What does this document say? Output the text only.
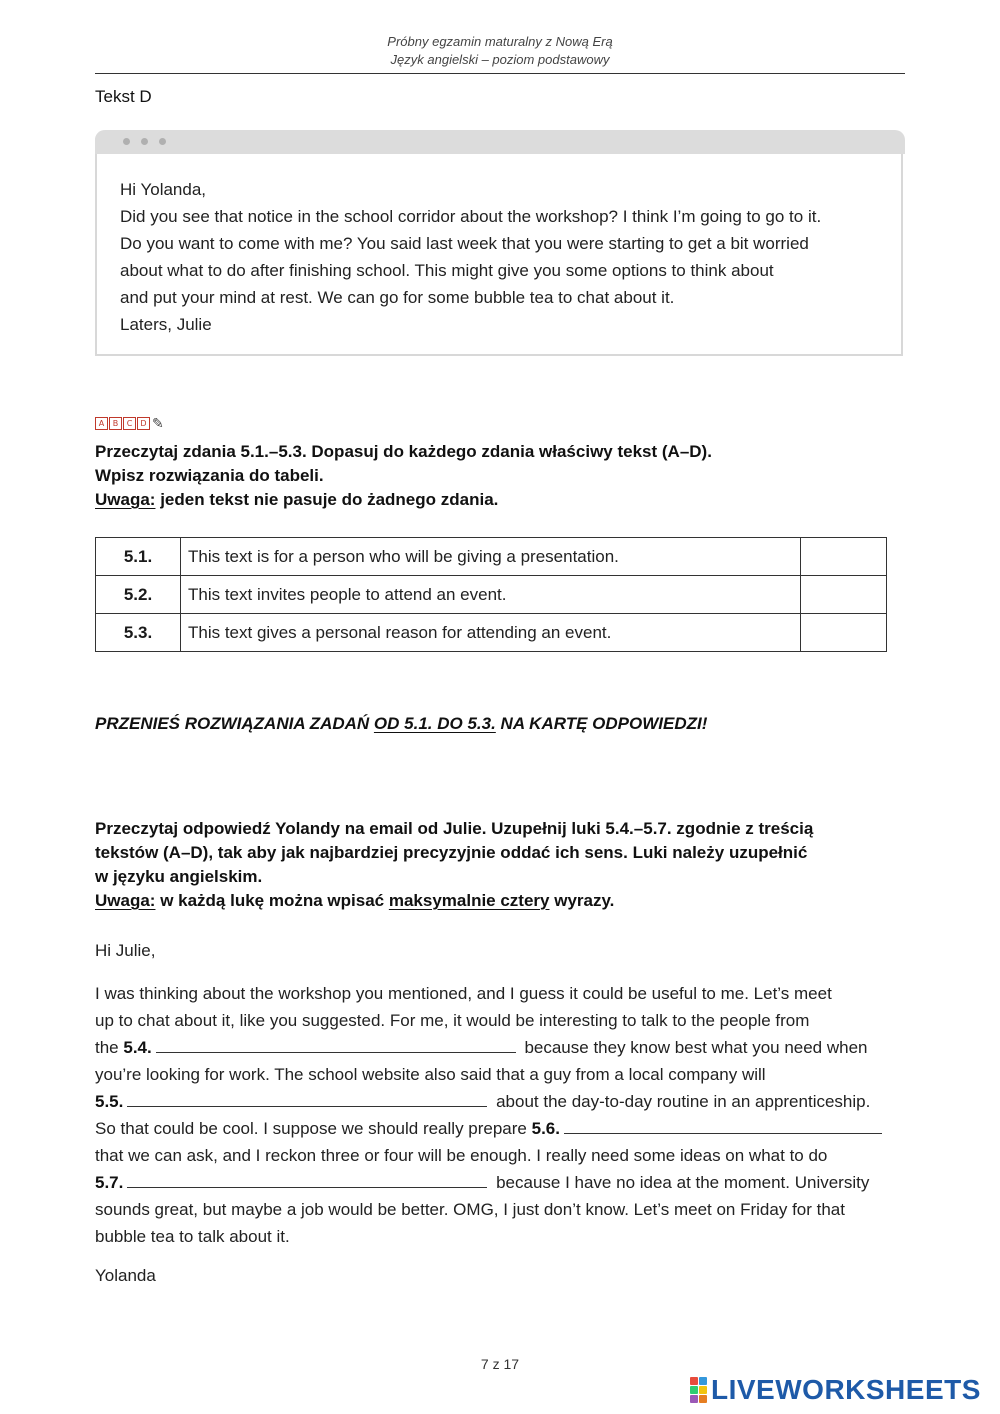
Próbny egzamin maturalny z Nową Erą
Język angielski – poziom podstawowy
Tekst D
Hi Yolanda,
Did you see that notice in the school corridor about the workshop? I think I’m going to go to it.
Do you want to come with me? You said last week that you were starting to get a bit worried
about what to do after finishing school. This might give you some options to think about
and put your mind at rest. We can go for some bubble tea to chat about it.
Laters, Julie
A	B	C	D ✎
Przeczytaj zdania 5.1.–5.3. Dopasuj do każdego zdania właściwy tekst (A–D).
Wpisz rozwiązania do tabeli.
Uwaga: jeden tekst nie pasuje do żadnego zdania.
5.1.	This text is for a person who will be giving a presentation.	
5.2.	This text invites people to attend an event.	
5.3.	This text gives a personal reason for attending an event.	
PRZENIEŚ ROZWIĄZANIA ZADAŃ OD 5.1. DO 5.3. NA KARTĘ ODPOWIEDZI!
Przeczytaj odpowiedź Yolandy na email od Julie. Uzupełnij luki 5.4.–5.7. zgodnie z treścią
tekstów (A–D), tak aby jak najbardziej precyzyjnie oddać ich sens. Luki należy uzupełnić
w języku angielskim.
Uwaga: w każdą lukę można wpisać maksymalnie cztery wyrazy.
Hi Julie,
I was thinking about the workshop you mentioned, and I guess it could be useful to me. Let’s meet
up to chat about it, like you suggested. For me, it would be interesting to talk to the people from
the 5.4.	because they know best what you need when
you’re looking for work. The school website also said that a guy from a local company will
5.5.	about the day-to-day routine in an apprenticeship.
So that could be cool. I suppose we should really prepare 5.6.
that we can ask, and I reckon three or four will be enough. I really need some ideas on what to do
5.7.	because I have no idea at the moment. University
sounds great, but maybe a job would be better. OMG, I just don’t know. Let’s meet on Friday for that
bubble tea to talk about it.
Yolanda
7 z 17
LIVEWORKSHEETS
